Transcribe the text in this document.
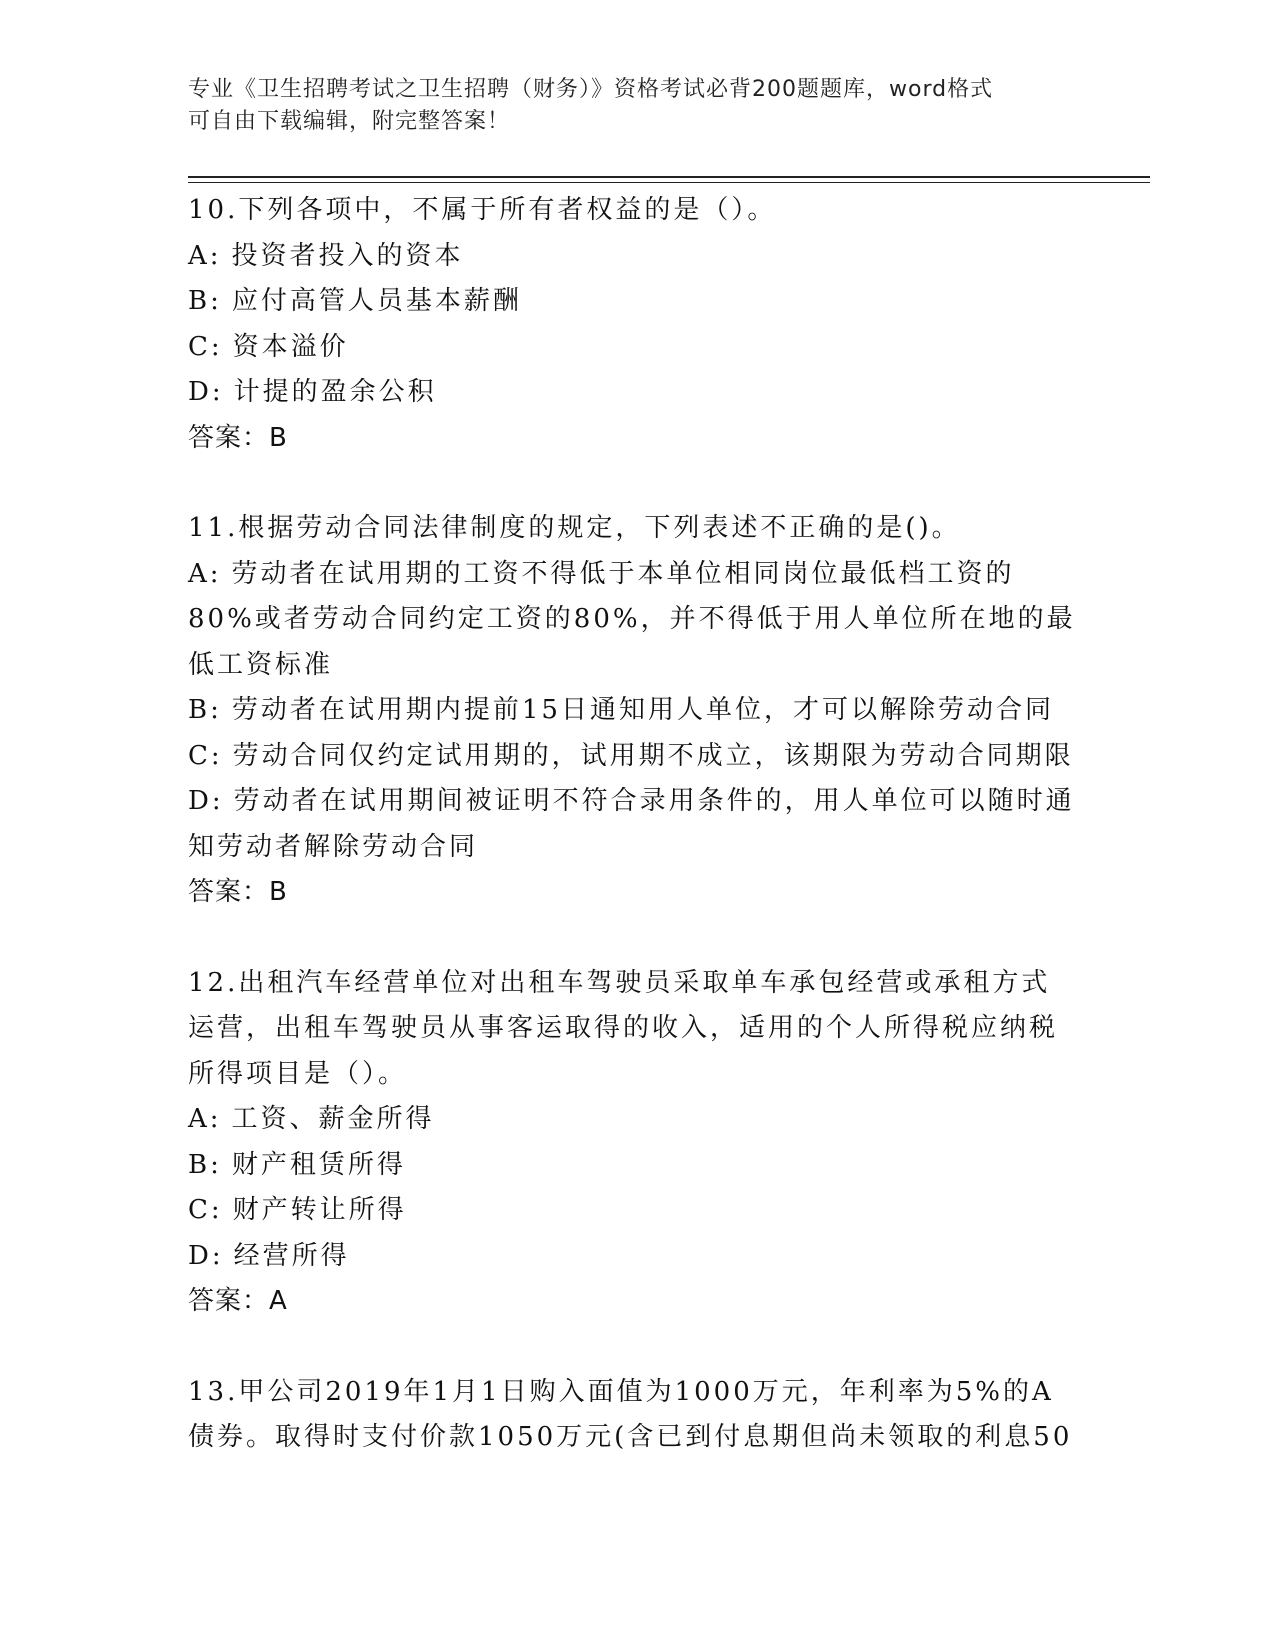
专业《卫生招聘考试之卫生招聘（财务）》资格考试必背200题题库，word格式
可自由下载编辑，附完整答案！

10.下列各项中，不属于所有者权益的是（）。

A: 投资者投入的资本

B: 应付高管人员基本薪酬

C: 资本溢价

D: 计提的盈余公积

答案：B

11.根据劳动合同法律制度的规定，下列表述不正确的是()。

A: 劳动者在试用期的工资不得低于本单位相同岗位最低档工资的80%或者劳动合同约定工资的80%，并不得低于用人单位所在地的最低工资标准

B: 劳动者在试用期内提前15日通知用人单位，才可以解除劳动合同

C: 劳动合同仅约定试用期的，试用期不成立，该期限为劳动合同期限

D: 劳动者在试用期间被证明不符合录用条件的，用人单位可以随时通知劳动者解除劳动合同

答案：B

12.出租汽车经营单位对出租车驾驶员采取单车承包经营或承租方式运营，出租车驾驶员从事客运取得的收入，适用的个人所得税应纳税所得项目是（）。

A: 工资、薪金所得

B: 财产租赁所得

C: 财产转让所得

D: 经营所得

答案：A

13.甲公司2019年1月1日购入面值为1000万元，年利率为5%的A债券。取得时支付价款1050万元(含已到付息期但尚未领取的利息50
